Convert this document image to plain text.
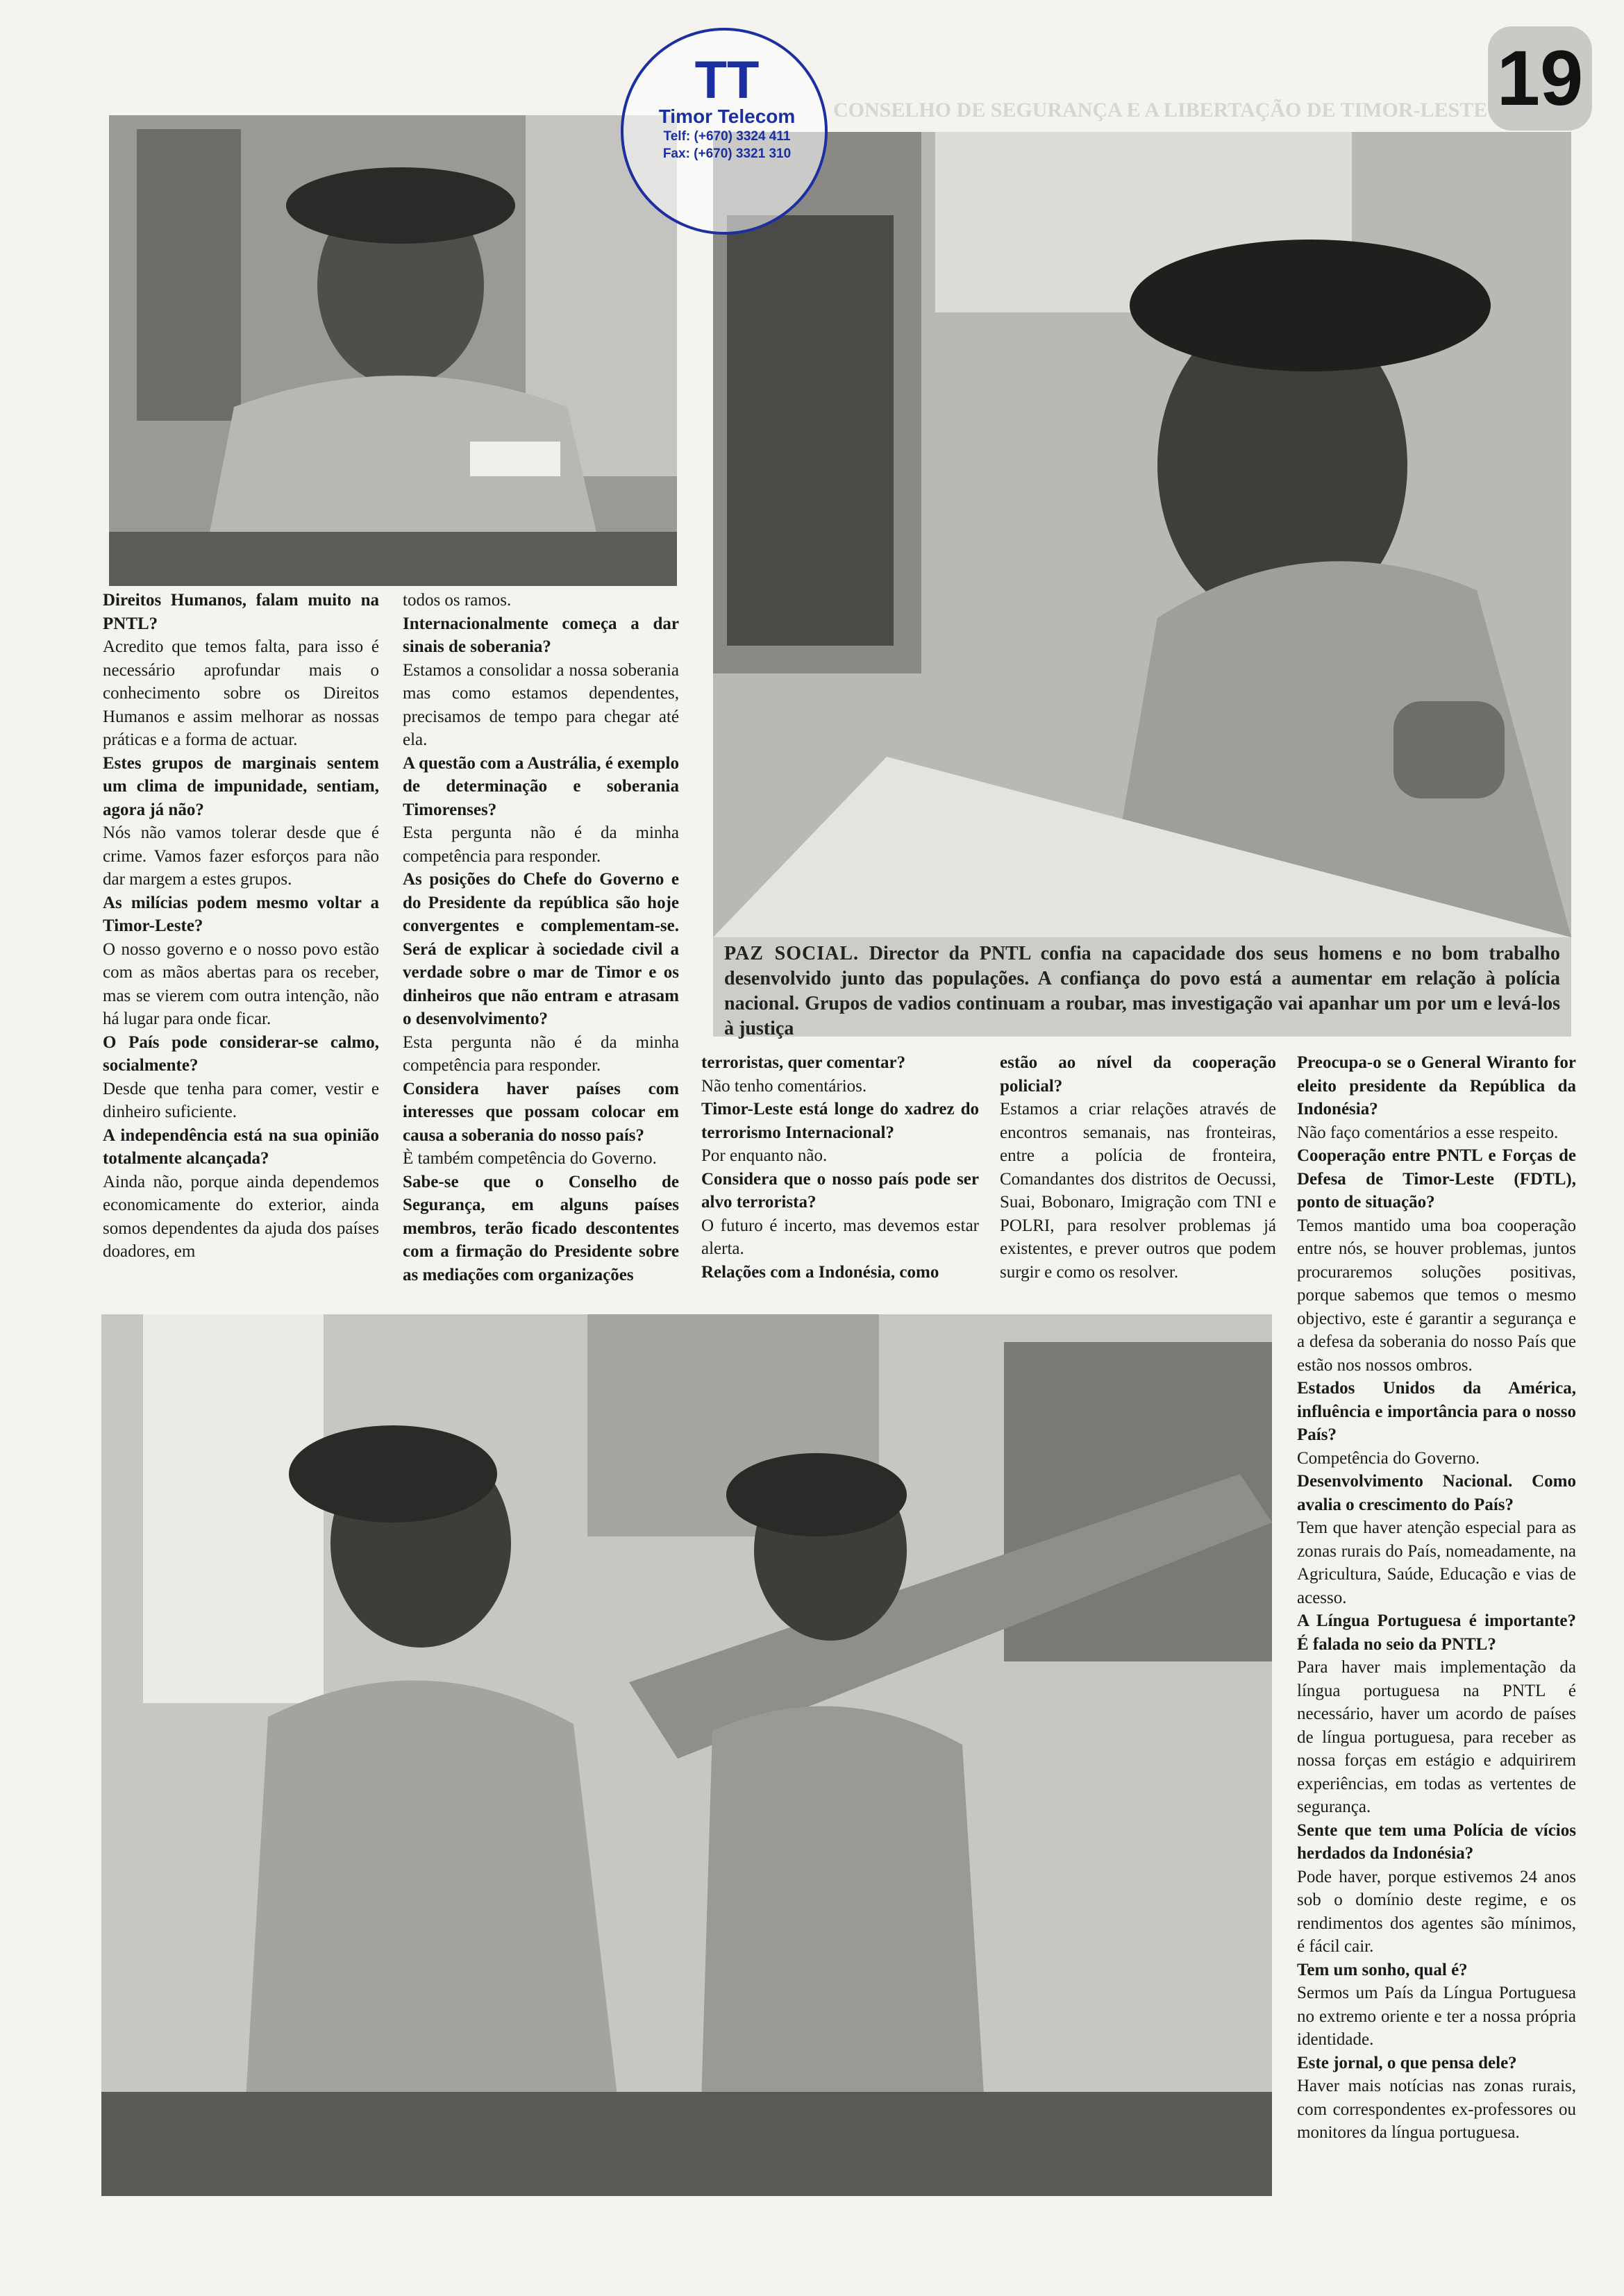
CONSELHO DE SEGURANÇA E A LIBERTAÇÃO DE TIMOR-LESTE 19
PAZ SOCIAL. Director da PNTL confia na capacidade dos seus homens e no bom trabalho desenvolvido junto das populações. A confiança do povo está a aumentar em relação à polícia nacional. Grupos de vadios continuam a roubar, mas investigação vai apanhar um por um e levá-los à justiça

Direitos Humanos, falam muito na PNTL?

Acredito que temos falta, para isso é necessário aprofundar mais o conhecimento sobre os Direitos Humanos e assim melhorar as nossas práticas e a forma de actuar.

Estes grupos de marginais sentem um clima de impunidade, sentiam, agora já não?

Nós não vamos tolerar desde que é crime. Vamos fazer esforços para não dar margem a estes grupos.

As milícias podem mesmo voltar a Timor-Leste?

O nosso governo e o nosso povo estão com as mãos abertas para os receber, mas se vierem com outra intenção, não há lugar para onde ficar.

O País pode considerar-se calmo, socialmente?

Desde que tenha para comer, vestir e dinheiro suficiente.

A independência está na sua opinião totalmente alcançada?

Ainda não, porque ainda dependemos economicamente do exterior, ainda somos dependentes da ajuda dos países doadores, em

todos os ramos.

Internacionalmente começa a dar sinais de soberania?

Estamos a consolidar a nossa soberania mas como estamos dependentes, precisamos de tempo para chegar até ela.

A questão com a Austrália, é exemplo de determinação e soberania Timorenses?

Esta pergunta não é da minha competência para responder.

As posições do Chefe do Governo e do Presidente da república são hoje convergentes e complementam-se. Será de explicar à sociedade civil a verdade sobre o mar de Timor e os dinheiros que não entram e atrasam o desenvolvimento?

Esta pergunta não é da minha competência para responder.

Considera haver países com interesses que possam colocar em causa a soberania do nosso país?

È também competência do Governo.

Sabe-se que o Conselho de Segurança, em alguns países membros, terão ficado descontentes com a firmação do Presidente sobre as mediações com organizações

terroristas, quer comentar?

Não tenho comentários.

Timor-Leste está longe do xadrez do terrorismo Internacional?

Por enquanto não.

Considera que o nosso país pode ser alvo terrorista?

O futuro é incerto, mas devemos estar alerta.

Relações com a Indonésia, como

estão ao nível da cooperação policial?

Estamos a criar relações através de encontros semanais, nas fronteiras, entre a polícia de fronteira, Comandantes dos distritos de Oecussi, Suai, Bobonaro, Imigração com TNI e POLRI, para resolver problemas já existentes, e prever outros que podem surgir e como os resolver.

Preocupa-o se o General Wiranto for eleito presidente da República da Indonésia?

Não faço comentários a esse respeito.

Cooperação entre PNTL e Forças de Defesa de Timor-Leste (FDTL), ponto de situação?

Temos mantido uma boa cooperação entre nós, se houver problemas, juntos procuraremos soluções positivas, porque sabemos que temos o mesmo objectivo, este é garantir a segurança e a defesa da soberania do nosso País que estão nos nossos ombros.

Estados Unidos da América, influência e importância para o nosso País?

Competência do Governo.

Desenvolvimento Nacional. Como avalia o crescimento do País?

Tem que haver atenção especial para as zonas rurais do País, nomeadamente, na Agricultura, Saúde, Educação e vias de acesso.

A Língua Portuguesa é importante? É falada no seio da PNTL?

Para haver mais implementação da língua portuguesa na PNTL é necessário, haver um acordo de países de língua portuguesa, para receber as nossa forças em estágio e adquirirem experiências, em todas as vertentes de segurança.

Sente que tem uma Polícia de vícios herdados da Indonésia?

Pode haver, porque estivemos 24 anos sob o domínio deste regime, e os rendimentos dos agentes são mínimos, é fácil cair.

Tem um sonho, qual é?

Sermos um País da Língua Portuguesa no extremo oriente e ter a nossa própria identidade.

Este jornal, o que pensa dele?

Haver mais notícias nas zonas rurais, com correspondentes ex-professores ou monitores da língua portuguesa.

TT
Timor Telecom
Telf: (+670) 3324 411
Fax: (+670) 3321 310
